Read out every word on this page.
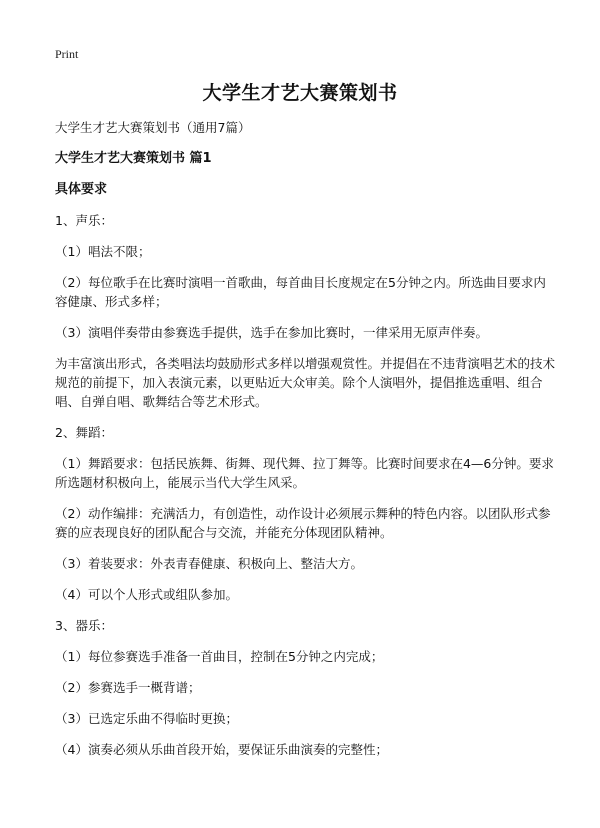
Print
大学生才艺大赛策划书
大学生才艺大赛策划书（通用7篇）
大学生才艺大赛策划书 篇1
具体要求
1、声乐：
（1）唱法不限；
（2）每位歌手在比赛时演唱一首歌曲，每首曲目长度规定在5分钟之内。所选曲目要求内容健康、形式多样；
（3）演唱伴奏带由参赛选手提供，选手在参加比赛时，一律采用无原声伴奏。
为丰富演出形式，各类唱法均鼓励形式多样以增强观赏性。并提倡在不违背演唱艺术的技术规范的前提下，加入表演元素，以更贴近大众审美。除个人演唱外，提倡推选重唱、组合唱、自弹自唱、歌舞结合等艺术形式。
2、舞蹈：
（1）舞蹈要求：包括民族舞、街舞、现代舞、拉丁舞等。比赛时间要求在4—6分钟。要求所选题材积极向上，能展示当代大学生风采。
（2）动作编排：充满活力，有创造性，动作设计必须展示舞种的特色内容。以团队形式参赛的应表现良好的团队配合与交流，并能充分体现团队精神。
（3）着装要求：外表青春健康、积极向上、整洁大方。
（4）可以个人形式或组队参加。
3、器乐：
（1）每位参赛选手准备一首曲目，控制在5分钟之内完成；
（2）参赛选手一概背谱；
（3）已选定乐曲不得临时更换；
（4）演奏必须从乐曲首段开始，要保证乐曲演奏的完整性；
